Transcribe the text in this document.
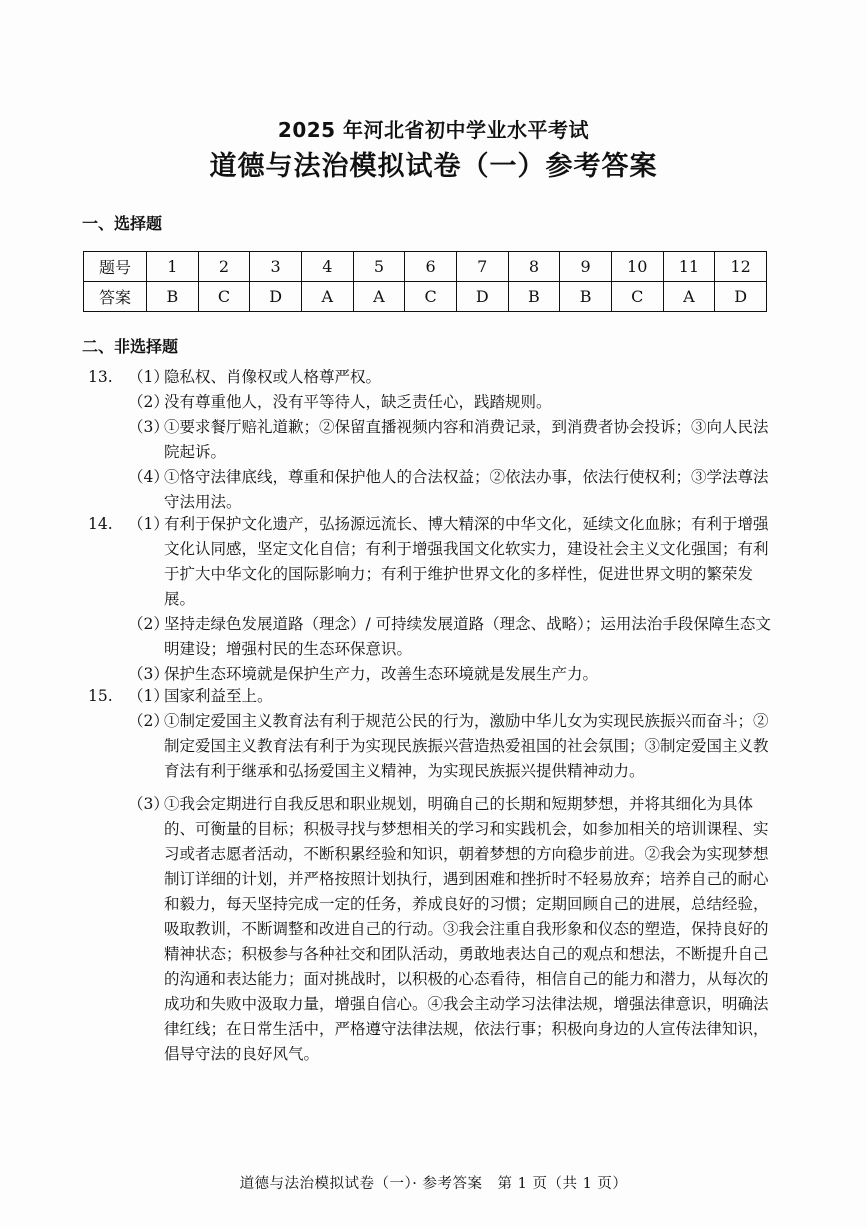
2025 年河北省初中学业水平考试
道德与法治模拟试卷（一）参考答案
一、选择题
题号	1	2	3	4	5	6	7	8	9	10	11	12
答案	B	C	D	A	A	C	D	B	B	C	A	D
二、非选择题
13. （1）
隐私权、肖像权或人格尊严权。
（2）
没有尊重他人，没有平等待人，缺乏责任心，践踏规则。
（3）
①要求餐厅赔礼道歉；②保留直播视频内容和消费记录，到消费者协会投诉；③向人民法院起诉。
（4）
①恪守法律底线，尊重和保护他人的合法权益；②依法办事，依法行使权利；③学法尊法守法用法。
14. （1）
有利于保护文化遗产，弘扬源远流长、博大精深的中华文化，延续文化血脉；有利于增强文化认同感，坚定文化自信；有利于增强我国文化软实力，建设社会主义文化强国；有利于扩大中华文化的国际影响力；有利于维护世界文化的多样性，促进世界文明的繁荣发展。
（2）
坚持走绿色发展道路（理念）/ 可持续发展道路（理念、战略）；运用法治手段保障生态文明建设；增强村民的生态环保意识。
（3）
保护生态环境就是保护生产力，改善生态环境就是发展生产力。
15. （1）
国家利益至上。
（2）
①制定爱国主义教育法有利于规范公民的行为，激励中华儿女为实现民族振兴而奋斗；②制定爱国主义教育法有利于为实现民族振兴营造热爱祖国的社会氛围；③制定爱国主义教育法有利于继承和弘扬爱国主义精神，为实现民族振兴提供精神动力。
（3）
①我会定期进行自我反思和职业规划，明确自己的长期和短期梦想，并将其细化为具体的、可衡量的目标；积极寻找与梦想相关的学习和实践机会，如参加相关的培训课程、实习或者志愿者活动，不断积累经验和知识，朝着梦想的方向稳步前进。②我会为实现梦想制订详细的计划，并严格按照计划执行，遇到困难和挫折时不轻易放弃；培养自己的耐心和毅力，每天坚持完成一定的任务，养成良好的习惯；定期回顾自己的进展，总结经验，吸取教训，不断调整和改进自己的行动。③我会注重自我形象和仪态的塑造，保持良好的精神状态；积极参与各种社交和团队活动，勇敢地表达自己的观点和想法，不断提升自己的沟通和表达能力；面对挑战时，以积极的心态看待，相信自己的能力和潜力，从每次的成功和失败中汲取力量，增强自信心。④我会主动学习法律法规，增强法律意识，明确法律红线；在日常生活中，严格遵守法律法规，依法行事；积极向身边的人宣传法律知识，倡导守法的良好风气。
道德与法治模拟试卷（一）· 参考答案　第 1 页（共 1 页）
